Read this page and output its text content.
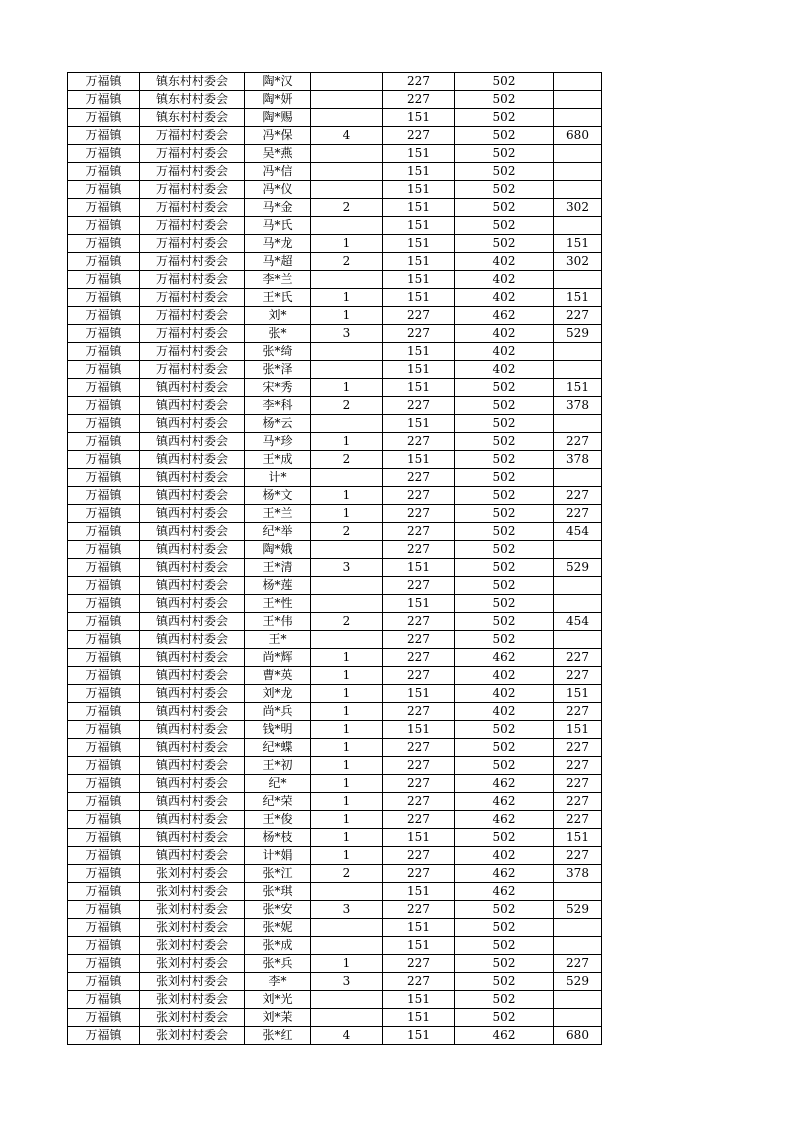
万福镇	镇东村村委会	陶*汉		227	502	
万福镇	镇东村村委会	陶*妍		227	502	
万福镇	镇东村村委会	陶*赐		151	502	
万福镇	万福村村委会	冯*保	4	227	502	680
万福镇	万福村村委会	吴*燕		151	502	
万福镇	万福村村委会	冯*信		151	502	
万福镇	万福村村委会	冯*仪		151	502	
万福镇	万福村村委会	马*金	2	151	502	302
万福镇	万福村村委会	马*氏		151	502	
万福镇	万福村村委会	马*龙	1	151	502	151
万福镇	万福村村委会	马*超	2	151	402	302
万福镇	万福村村委会	李*兰		151	402	
万福镇	万福村村委会	王*氏	1	151	402	151
万福镇	万福村村委会	刘*	1	227	462	227
万福镇	万福村村委会	张*	3	227	402	529
万福镇	万福村村委会	张*绮		151	402	
万福镇	万福村村委会	张*泽		151	402	
万福镇	镇西村村委会	宋*秀	1	151	502	151
万福镇	镇西村村委会	李*科	2	227	502	378
万福镇	镇西村村委会	杨*云		151	502	
万福镇	镇西村村委会	马*珍	1	227	502	227
万福镇	镇西村村委会	王*成	2	151	502	378
万福镇	镇西村村委会	计*		227	502	
万福镇	镇西村村委会	杨*文	1	227	502	227
万福镇	镇西村村委会	王*兰	1	227	502	227
万福镇	镇西村村委会	纪*举	2	227	502	454
万福镇	镇西村村委会	陶*娥		227	502	
万福镇	镇西村村委会	王*清	3	151	502	529
万福镇	镇西村村委会	杨*莲		227	502	
万福镇	镇西村村委会	王*性		151	502	
万福镇	镇西村村委会	王*伟	2	227	502	454
万福镇	镇西村村委会	王*		227	502	
万福镇	镇西村村委会	尚*辉	1	227	462	227
万福镇	镇西村村委会	曹*英	1	227	402	227
万福镇	镇西村村委会	刘*龙	1	151	402	151
万福镇	镇西村村委会	尚*兵	1	227	402	227
万福镇	镇西村村委会	钱*明	1	151	502	151
万福镇	镇西村村委会	纪*蝶	1	227	502	227
万福镇	镇西村村委会	王*初	1	227	502	227
万福镇	镇西村村委会	纪*	1	227	462	227
万福镇	镇西村村委会	纪*荣	1	227	462	227
万福镇	镇西村村委会	王*俊	1	227	462	227
万福镇	镇西村村委会	杨*枝	1	151	502	151
万福镇	镇西村村委会	计*娟	1	227	402	227
万福镇	张刘村村委会	张*江	2	227	462	378
万福镇	张刘村村委会	张*琪		151	462	
万福镇	张刘村村委会	张*安	3	227	502	529
万福镇	张刘村村委会	张*妮		151	502	
万福镇	张刘村村委会	张*成		151	502	
万福镇	张刘村村委会	张*兵	1	227	502	227
万福镇	张刘村村委会	李*	3	227	502	529
万福镇	张刘村村委会	刘*光		151	502	
万福镇	张刘村村委会	刘*茉		151	502	
万福镇	张刘村村委会	张*红	4	151	462	680
